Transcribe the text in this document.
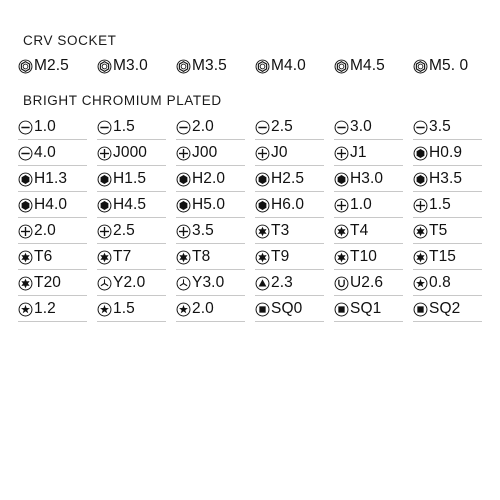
CRV SOCKET
M2.5	M3.0	M3.5	M4.0	M4.5	M5. 0
BRIGHT CHROMIUM PLATED
1.0	1.5	2.0	2.5	3.0	3.5
4.0	J000	J00	J0	J1	H0.9
H1.3	H1.5	H2.0	H2.5	H3.0	H3.5
H4.0	H4.5	H5.0	H6.0	1.0	1.5
2.0	2.5	3.5	T3	T4	T5
T6	T7	T8	T9	T10	T15
T20	Y2.0	Y3.0	2.3	U2.6	0.8
1.2	1.5	2.0	SQ0	SQ1	SQ2
